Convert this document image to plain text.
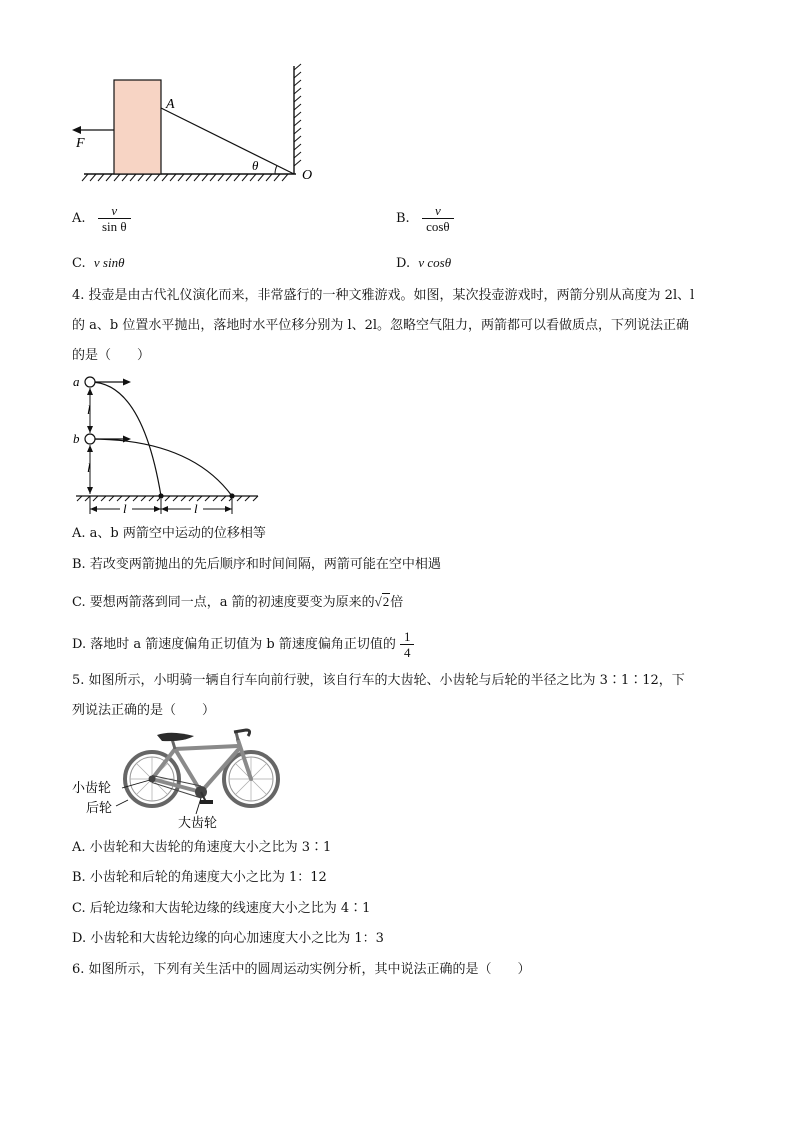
A
F
θ
O
A. $\frac{v}{\text{sin θ}}$	B. $\frac{v}{\cos\theta}$
C. v sinθ	D. v cosθ
4. 投壶是由古代礼仪演化而来，非常盛行的一种文雅游戏。如图，某次投壶游戏时，两箭分别从高度为 2l、l
的 a、b 位置水平抛出，落地时水平位移分别为 l、2l。忽略空气阻力，两箭都可以看做质点，下列说法正确
的是（　　）
a
b
l
l
l	l
A. a、b 两箭空中运动的位移相等
B. 若改变两箭抛出的先后顺序和时间间隔，两箭可能在空中相遇
C. 要想两箭落到同一点，a 箭的初速度要变为原来的√2倍
D. 落地时 a 箭速度偏角正切值为 b 箭速度偏角正切值的 $\frac{1}{4}$
5. 如图所示，小明骑一辆自行车向前行驶，该自行车的大齿轮、小齿轮与后轮的半径之比为 3∶1∶12，下
列说法正确的是（　　）
小齿轮
后轮
大齿轮
A. 小齿轮和大齿轮的角速度大小之比为 3∶1
B. 小齿轮和后轮的角速度大小之比为 1：12
C. 后轮边缘和大齿轮边缘的线速度大小之比为 4∶1
D. 小齿轮和大齿轮边缘的向心加速度大小之比为 1：3
6. 如图所示，下列有关生活中的圆周运动实例分析，其中说法正确的是（　　）
